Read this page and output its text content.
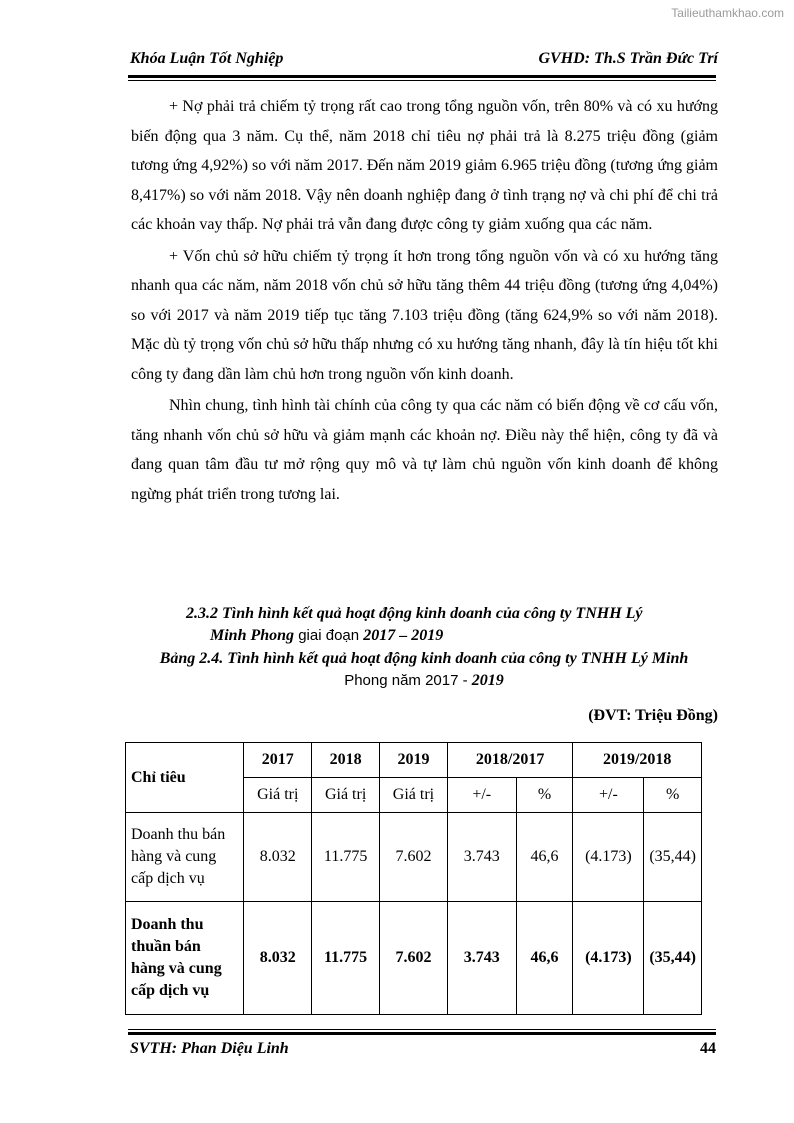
Tailieuthamkhao.com
Khóa Luận Tốt Nghiệp	GVHD: Th.S Trần Đức Trí

+ Nợ phải trả chiếm tỷ trọng rất cao trong tổng nguồn vốn, trên 80% và có xu hướng biến động qua 3 năm. Cụ thể, năm 2018 chỉ tiêu nợ phải trả là 8.275 triệu đồng (giảm tương ứng 4,92%) so với năm 2017. Đến năm 2019 giảm 6.965 triệu đồng (tương ứng giảm 8,417%) so với năm 2018. Vậy nên doanh nghiệp đang ở tình trạng nợ và chi phí để chi trả các khoản vay thấp. Nợ phải trả vẫn đang được công ty giảm xuống qua các năm.

+ Vốn chủ sở hữu chiếm tỷ trọng ít hơn trong tổng nguồn vốn và có xu hướng tăng nhanh qua các năm, năm 2018 vốn chủ sở hữu tăng thêm 44 triệu đồng (tương ứng 4,04%) so với 2017 và năm 2019 tiếp tục tăng 7.103 triệu đồng (tăng 624,9% so với năm 2018). Mặc dù tỷ trọng vốn chủ sở hữu thấp nhưng có xu hướng tăng nhanh, đây là tín hiệu tốt khi công ty đang dần làm chủ hơn trong nguồn vốn kinh doanh.

Nhìn chung, tình hình tài chính của công ty qua các năm có biến động về cơ cấu vốn, tăng nhanh vốn chủ sở hữu và giảm mạnh các khoản nợ. Điều này thể hiện, công ty đã và đang quan tâm đầu tư mở rộng quy mô và tự làm chủ nguồn vốn kinh doanh để không ngừng phát triển trong tương lai.

2.3.2 Tình hình kết quả hoạt động kinh doanh của công ty TNHH Lý
Minh Phong giai đoạn 2017 – 2019
Bảng 2.4. Tình hình kết quả hoạt động kinh doanh của công ty TNHH Lý Minh
Phong năm 2017 - 2019
(ĐVT: Triệu Đồng)
Chỉ tiêu	2017	2018	2019	2018/2017		2019/2018	
	Giá trị	Giá trị	Giá trị	+/-	%	+/-	%
Doanh thu bán hàng và cung cấp dịch vụ	8.032	11.775	7.602	3.743	46,6	(4.173)	(35,44)
Doanh thu thuần bán hàng và cung cấp dịch vụ	8.032	11.775	7.602	3.743	46,6	(4.173)	(35,44)
SVTH: Phan Diệu Linh	44
